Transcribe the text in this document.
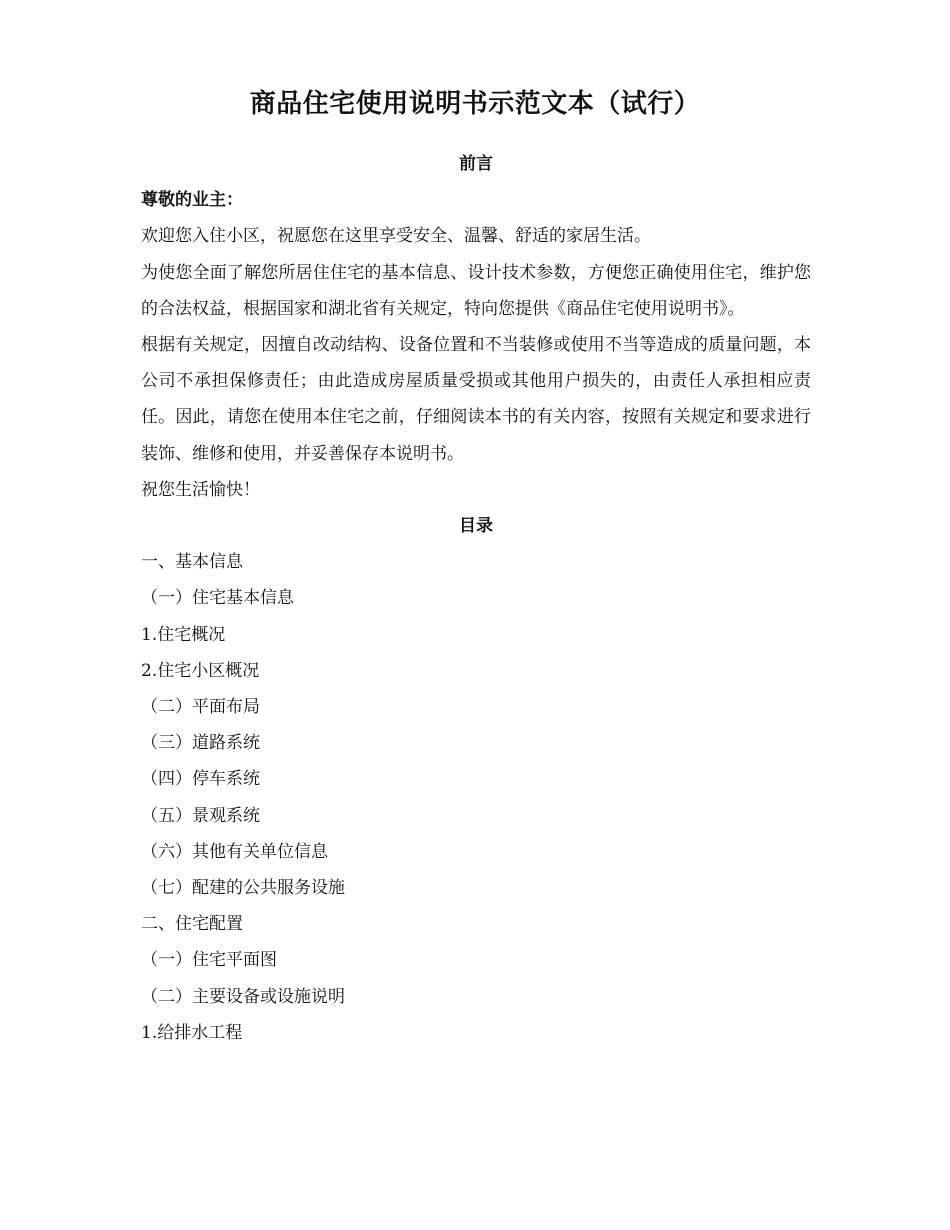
商品住宅使用说明书示范文本（试行）

前言

尊敬的业主：

欢迎您入住小区，祝愿您在这里享受安全、温馨、舒适的家居生活。

为使您全面了解您所居住住宅的基本信息、设计技术参数，方便您正确使用住宅，维护您的合法权益，根据国家和湖北省有关规定，特向您提供《商品住宅使用说明书》。

根据有关规定，因擅自改动结构、设备位置和不当装修或使用不当等造成的质量问题，本公司不承担保修责任；由此造成房屋质量受损或其他用户损失的，由责任人承担相应责任。因此，请您在使用本住宅之前，仔细阅读本书的有关内容，按照有关规定和要求进行装饰、维修和使用，并妥善保存本说明书。

祝您生活愉快！

目录

一、基本信息

（一）住宅基本信息

1.住宅概况

2.住宅小区概况

（二）平面布局

（三）道路系统

（四）停车系统

（五）景观系统

（六）其他有关单位信息

（七）配建的公共服务设施

二、住宅配置

（一）住宅平面图

（二）主要设备或设施说明

1.给排水工程
